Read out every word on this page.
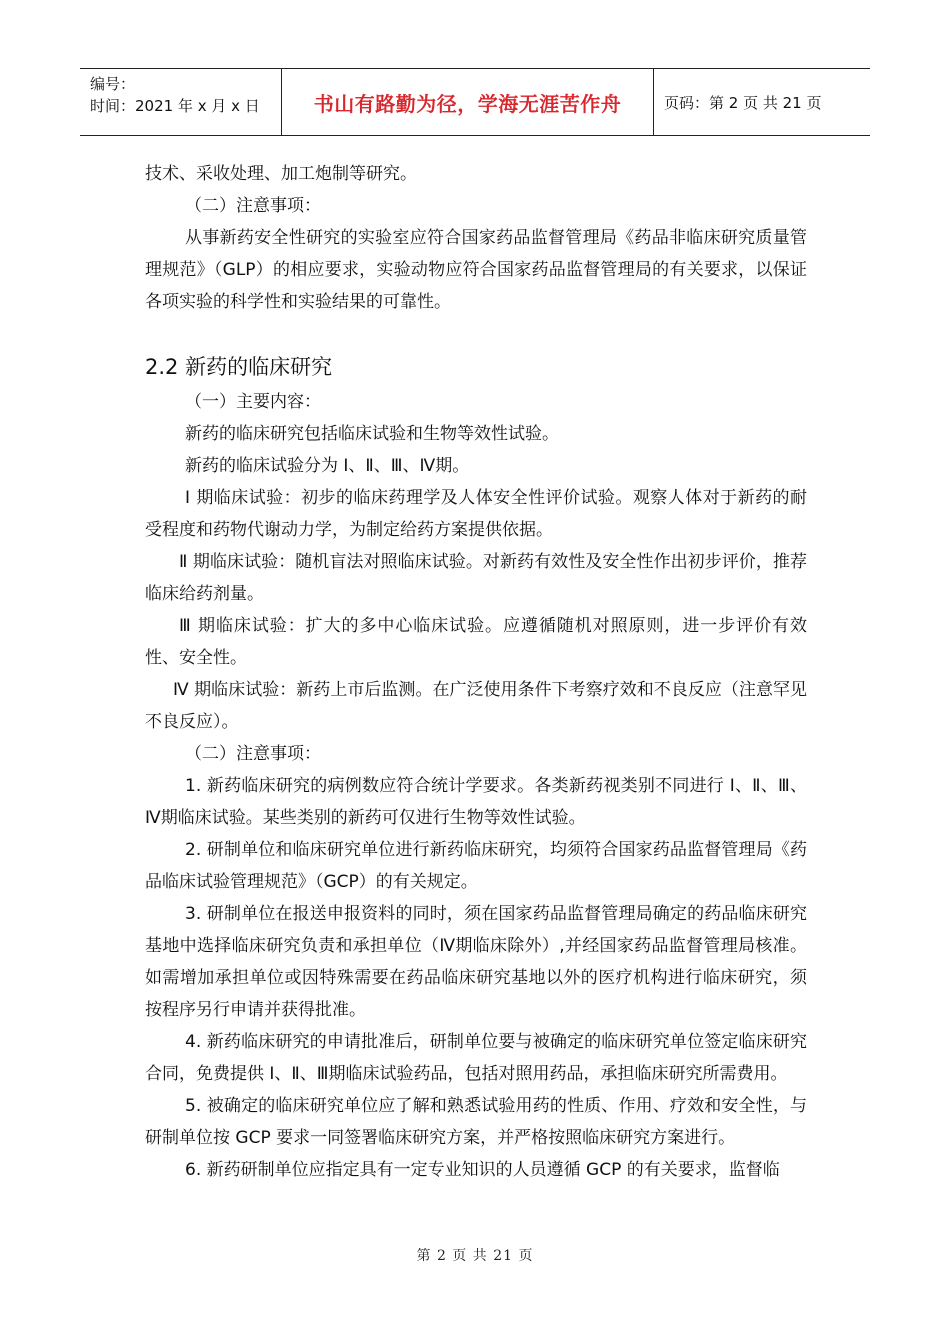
编号：
时间：2021 年 x 月 x 日	书山有路勤为径，学海无涯苦作舟	页码：第 2 页 共 21 页

技术、采收处理、加工炮制等研究。

（二）注意事项：

从事新药安全性研究的实验室应符合国家药品监督管理局《药品非临床研究质量管理规范》（GLP）的相应要求，实验动物应符合国家药品监督管理局的有关要求，以保证各项实验的科学性和实验结果的可靠性。

2.2 新药的临床研究

（一）主要内容：

新药的临床研究包括临床试验和生物等效性试验。

新药的临床试验分为 Ⅰ、Ⅱ、Ⅲ、Ⅳ期。

Ⅰ 期临床试验：初步的临床药理学及人体安全性评价试验。观察人体对于新药的耐受程度和药物代谢动力学，为制定给药方案提供依据。

Ⅱ 期临床试验：随机盲法对照临床试验。对新药有效性及安全性作出初步评价，推荐临床给药剂量。

Ⅲ 期临床试验：扩大的多中心临床试验。应遵循随机对照原则，进一步评价有效性、安全性。

Ⅳ 期临床试验：新药上市后监测。在广泛使用条件下考察疗效和不良反应（注意罕见不良反应）。

（二）注意事项：

1. 新药临床研究的病例数应符合统计学要求。各类新药视类别不同进行 Ⅰ、Ⅱ、Ⅲ、Ⅳ期临床试验。某些类别的新药可仅进行生物等效性试验。

2. 研制单位和临床研究单位进行新药临床研究，均须符合国家药品监督管理局《药品临床试验管理规范》（GCP）的有关规定。

3. 研制单位在报送申报资料的同时，须在国家药品监督管理局确定的药品临床研究基地中选择临床研究负责和承担单位（Ⅳ期临床除外）,并经国家药品监督管理局核准。如需增加承担单位或因特殊需要在药品临床研究基地以外的医疗机构进行临床研究，须按程序另行申请并获得批准。

4. 新药临床研究的申请批准后，研制单位要与被确定的临床研究单位签定临床研究合同，免费提供 Ⅰ、Ⅱ、Ⅲ期临床试验药品，包括对照用药品，承担临床研究所需费用。

5. 被确定的临床研究单位应了解和熟悉试验用药的性质、作用、疗效和安全性，与研制单位按 GCP 要求一同签署临床研究方案，并严格按照临床研究方案进行。

6. 新药研制单位应指定具有一定专业知识的人员遵循 GCP 的有关要求，监督临

第 2 页 共 21 页
